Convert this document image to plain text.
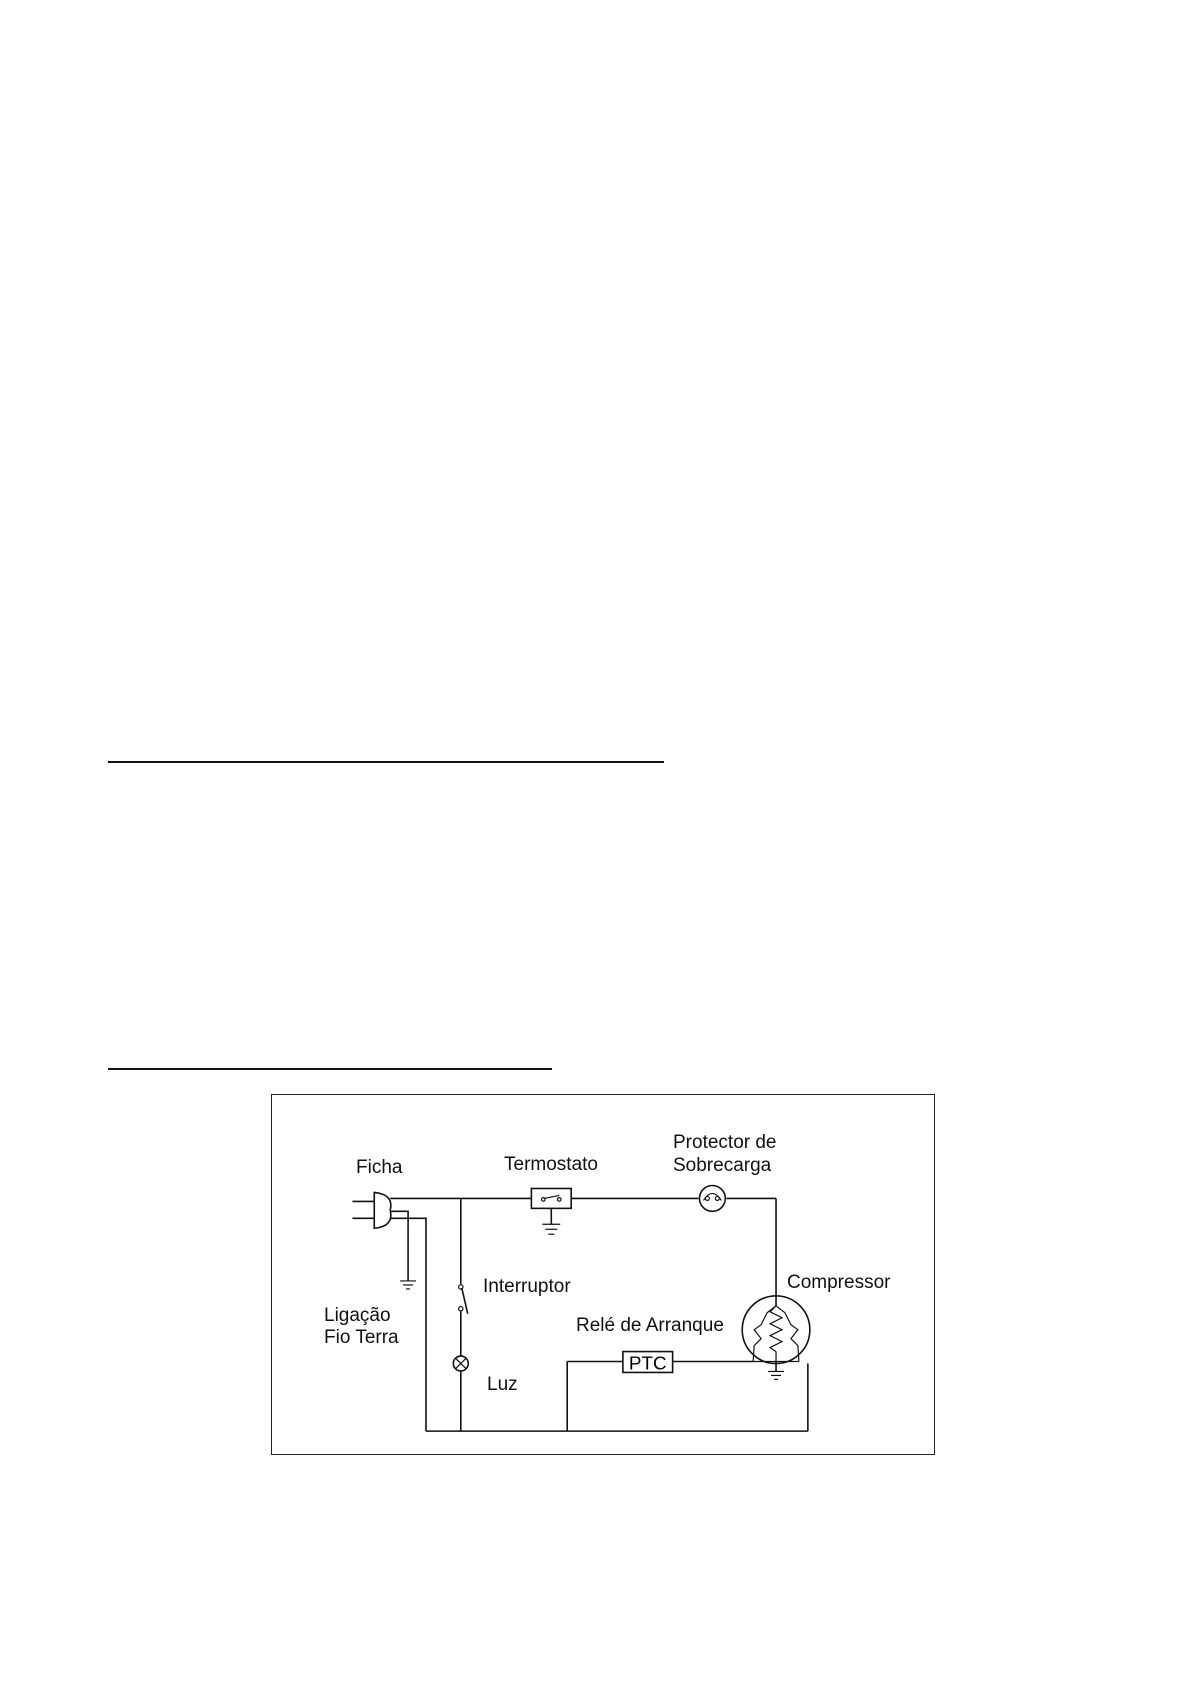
PTC
Ficha	Termostato
Protector de
Sobrecarga
Compressor
Interruptor
Ligação
Fio Terra
Relé de Arranque
Luz
